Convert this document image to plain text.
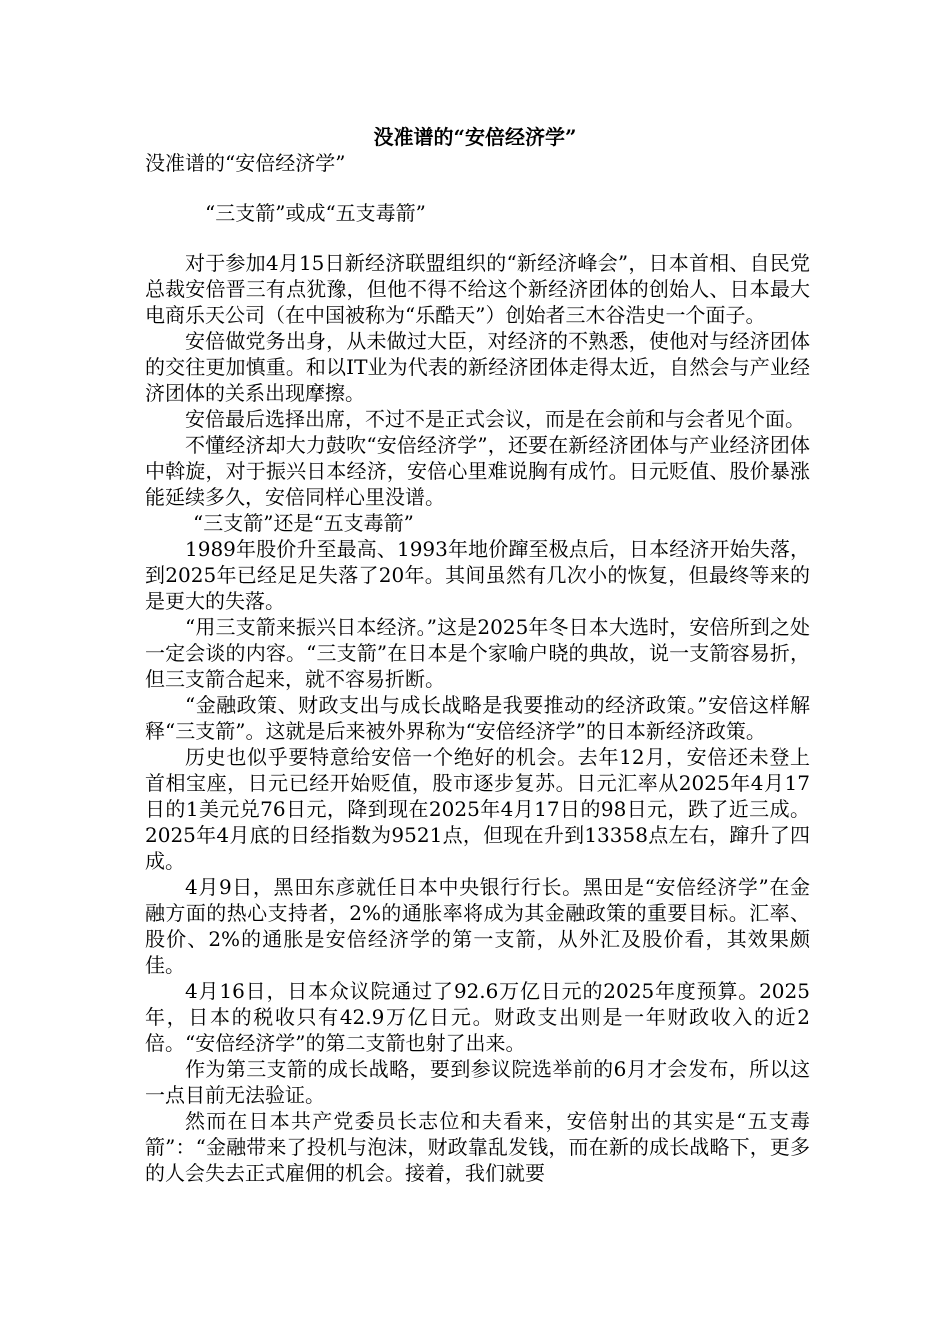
没准谱的“安倍经济学”
没准谱的“安倍经济学”
“三支箭”或成“五支毒箭”

对于参加4月15日新经济联盟组织的“新经济峰会”，日本首相、自民党总裁安倍晋三有点犹豫，但他不得不给这个新经济团体的创始人、日本最大电商乐天公司（在中国被称为“乐酷天”）创始者三木谷浩史一个面子。

安倍做党务出身，从未做过大臣，对经济的不熟悉，使他对与经济团体的交往更加慎重。和以IT业为代表的新经济团体走得太近，自然会与产业经济团体的关系出现摩擦。

安倍最后选择出席，不过不是正式会议，而是在会前和与会者见个面。

不懂经济却大力鼓吹“安倍经济学”，还要在新经济团体与产业经济团体中斡旋，对于振兴日本经济，安倍心里难说胸有成竹。日元贬值、股价暴涨能延续多久，安倍同样心里没谱。

“三支箭”还是“五支毒箭”

1989年股价升至最高、1993年地价蹿至极点后，日本经济开始失落，到2025年已经足足失落了20年。其间虽然有几次小的恢复，但最终等来的是更大的失落。

“用三支箭来振兴日本经济。”这是2025年冬日本大选时，安倍所到之处一定会谈的内容。“三支箭”在日本是个家喻户晓的典故，说一支箭容易折，但三支箭合起来，就不容易折断。

“金融政策、财政支出与成长战略是我要推动的经济政策。”安倍这样解释“三支箭”。这就是后来被外界称为“安倍经济学”的日本新经济政策。

历史也似乎要特意给安倍一个绝好的机会。去年12月，安倍还未登上首相宝座，日元已经开始贬值，股市逐步复苏。日元汇率从2025年4月17日的1美元兑76日元，降到现在2025年4月17日的98日元，跌了近三成。2025年4月底的日经指数为9521点，但现在升到13358点左右，蹿升了四成。

4月9日，黑田东彦就任日本中央银行行长。黑田是“安倍经济学”在金融方面的热心支持者，2%的通胀率将成为其金融政策的重要目标。汇率、股价、2%的通胀是安倍经济学的第一支箭，从外汇及股价看，其效果颇佳。

4月16日，日本众议院通过了92.6万亿日元的2025年度预算。2025年，日本的税收只有42.9万亿日元。财政支出则是一年财政收入的近2倍。“安倍经济学”的第二支箭也射了出来。

作为第三支箭的成长战略，要到参议院选举前的6月才会发布，所以这一点目前无法验证。

然而在日本共产党委员长志位和夫看来，安倍射出的其实是“五支毒箭”：“金融带来了投机与泡沫，财政靠乱发钱，而在新的成长战略下，更多的人会失去正式雇佣的机会。接着，我们就要
